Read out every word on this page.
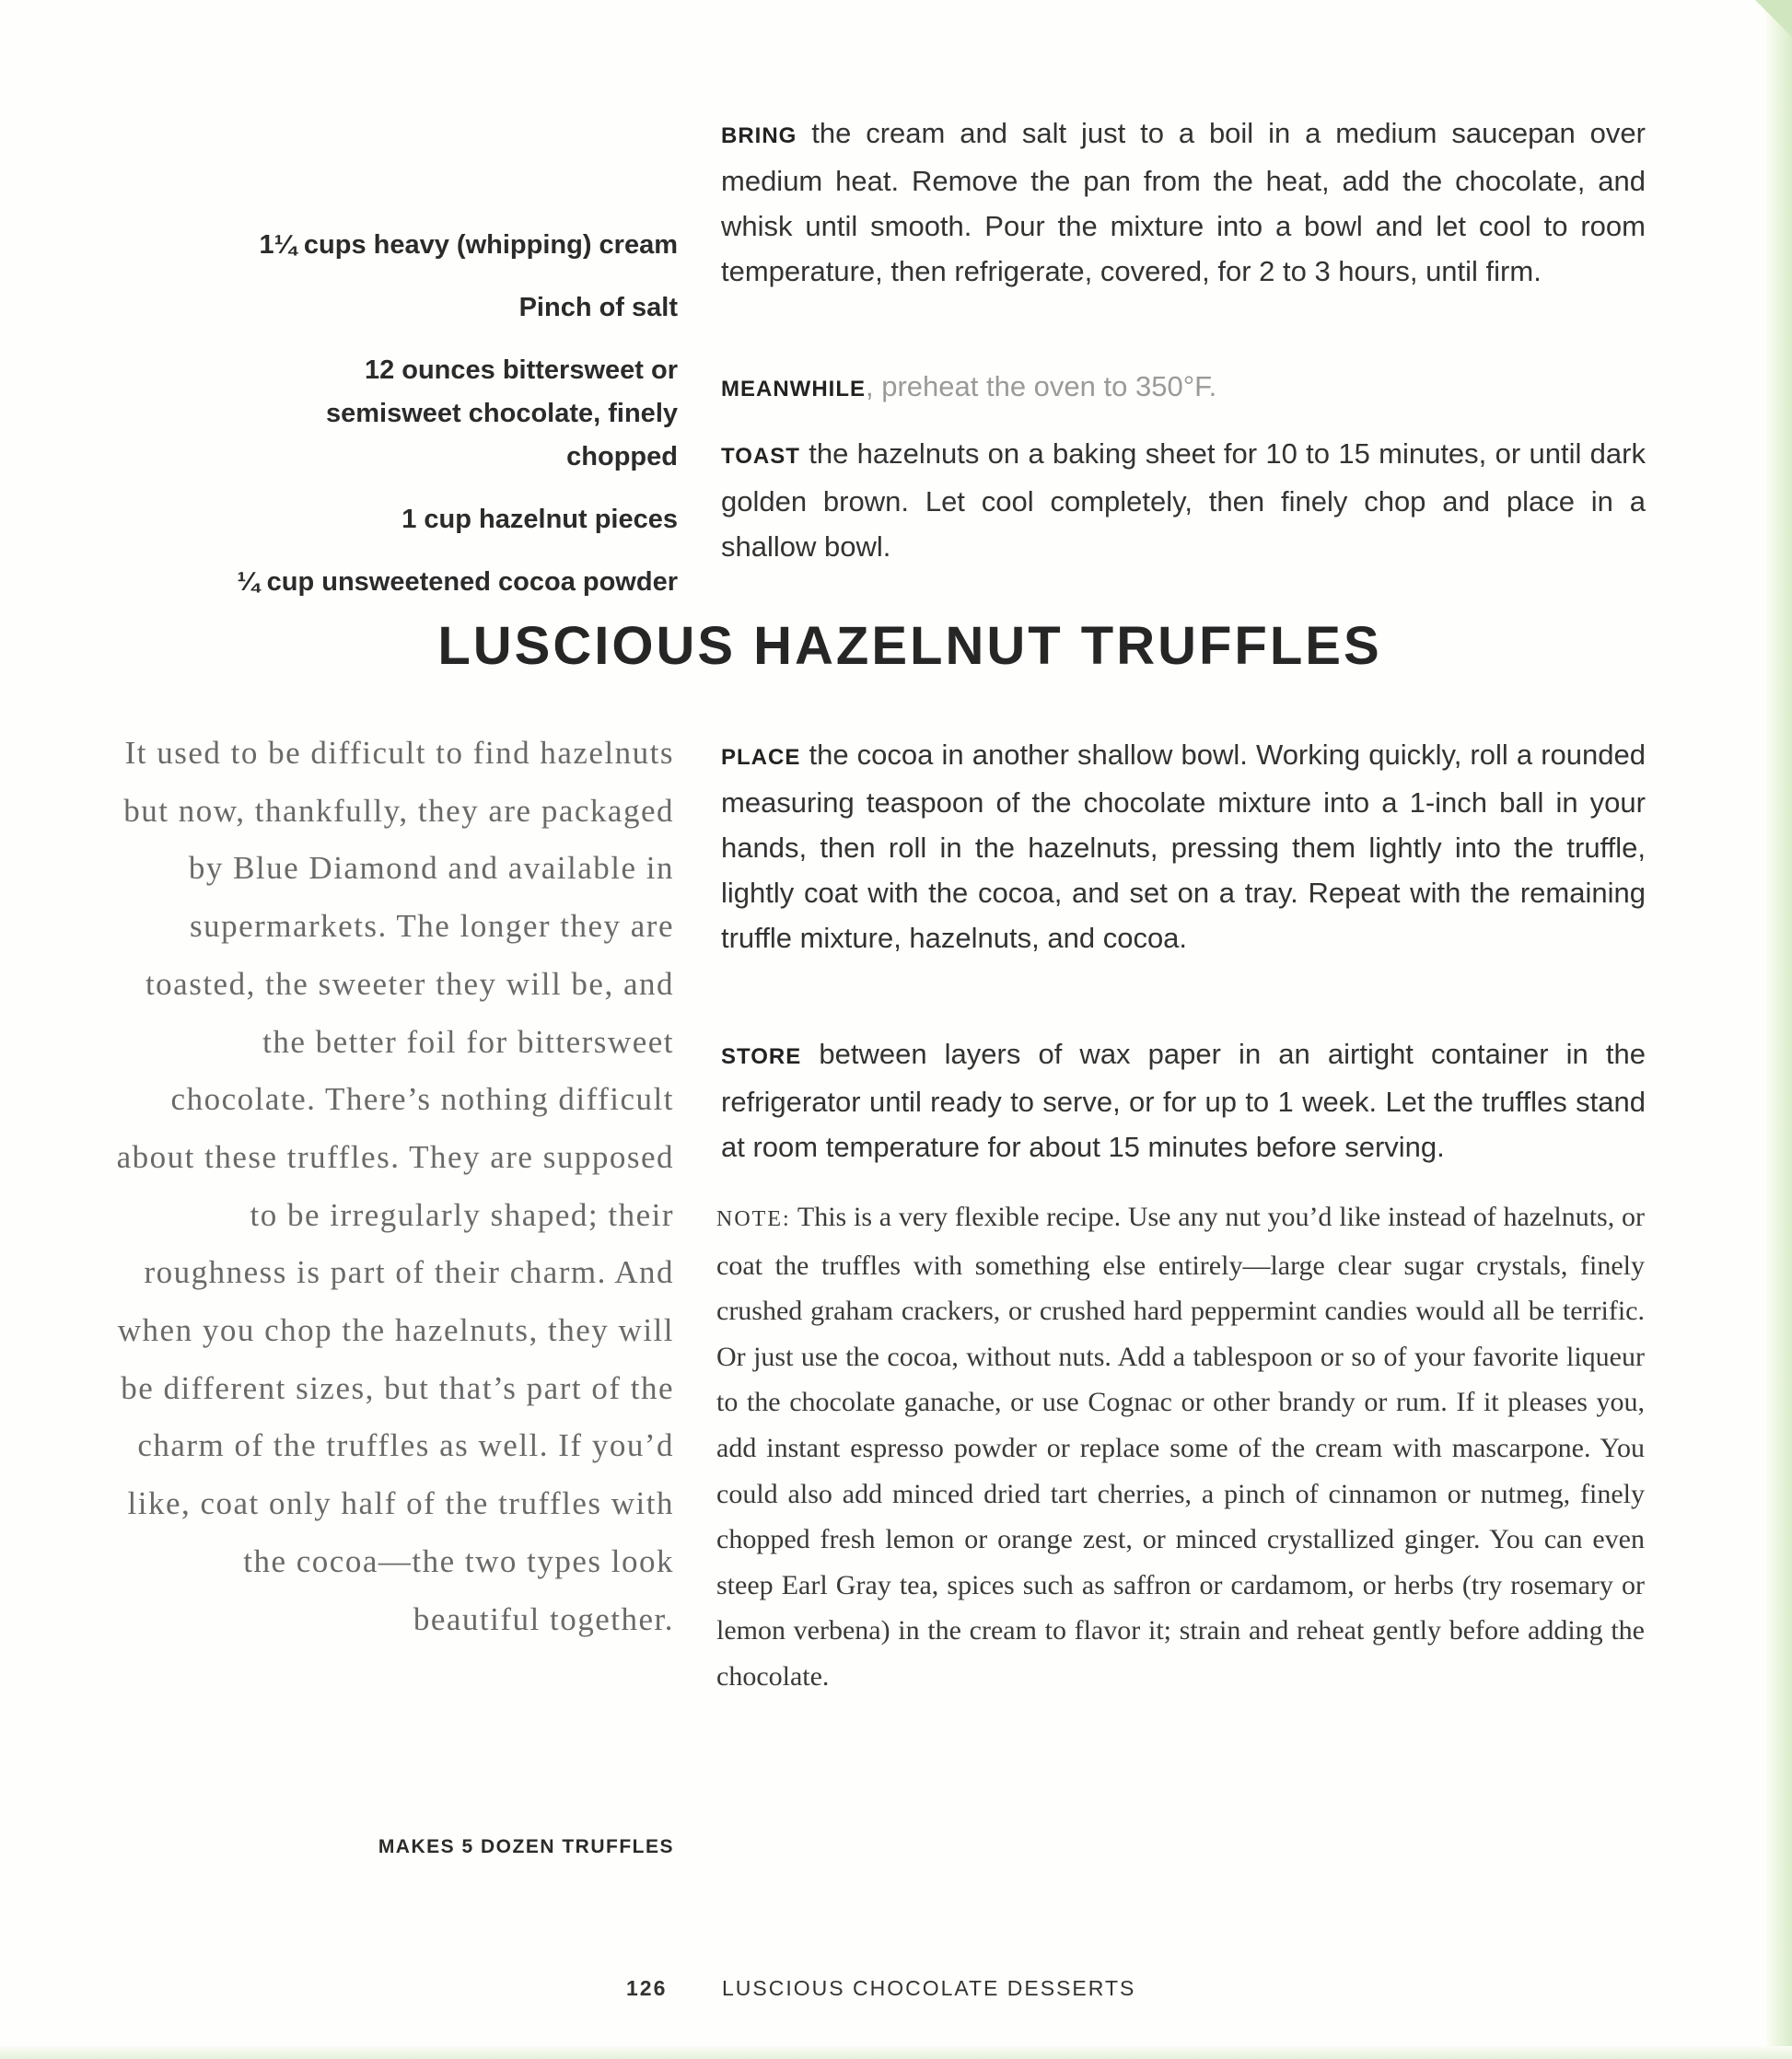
1¼ cups heavy (whipping) cream
Pinch of salt
12 ounces bittersweet or semisweet chocolate, finely chopped
1 cup hazelnut pieces
¼ cup unsweetened cocoa powder
BRING the cream and salt just to a boil in a medium saucepan over medium heat. Remove the pan from the heat, add the chocolate, and whisk until smooth. Pour the mixture into a bowl and let cool to room temperature, then refrigerate, covered, for 2 to 3 hours, until firm.
MEANWHILE, preheat the oven to 350°F.
TOAST the hazelnuts on a baking sheet for 10 to 15 minutes, or until dark golden brown. Let cool completely, then finely chop and place in a shallow bowl.
LUSCIOUS HAZELNUT TRUFFLES
It used to be difficult to find hazelnuts but now, thankfully, they are packaged by Blue Diamond and available in supermarkets. The longer they are toasted, the sweeter they will be, and the better foil for bittersweet chocolate. There’s nothing difficult about these truffles. They are supposed to be irregularly shaped; their roughness is part of their charm. And when you chop the hazelnuts, they will be different sizes, but that’s part of the charm of the truffles as well. If you’d like, coat only half of the truffles with the cocoa—the two types look beautiful together.
MAKES 5 DOZEN TRUFFLES
PLACE the cocoa in another shallow bowl. Working quickly, roll a rounded measuring teaspoon of the chocolate mixture into a 1-inch ball in your hands, then roll in the hazelnuts, pressing them lightly into the truffle, lightly coat with the cocoa, and set on a tray. Repeat with the remaining truffle mixture, hazelnuts, and cocoa.
STORE between layers of wax paper in an airtight container in the refrigerator until ready to serve, or for up to 1 week. Let the truffles stand at room temperature for about 15 minutes before serving.
NOTE: This is a very flexible recipe. Use any nut you’d like instead of hazelnuts, or coat the truffles with something else entirely—large clear sugar crystals, finely crushed graham crackers, or crushed hard peppermint candies would all be terrific. Or just use the cocoa, without nuts. Add a tablespoon or so of your favorite liqueur to the chocolate ganache, or use Cognac or other brandy or rum. If it pleases you, add instant espresso powder or replace some of the cream with mascarpone. You could also add minced dried tart cherries, a pinch of cinnamon or nutmeg, finely chopped fresh lemon or orange zest, or minced crystallized ginger. You can even steep Earl Gray tea, spices such as saffron or cardamom, or herbs (try rosemary or lemon verbena) in the cream to flavor it; strain and reheat gently before adding the chocolate.
126	LUSCIOUS CHOCOLATE DESSERTS
